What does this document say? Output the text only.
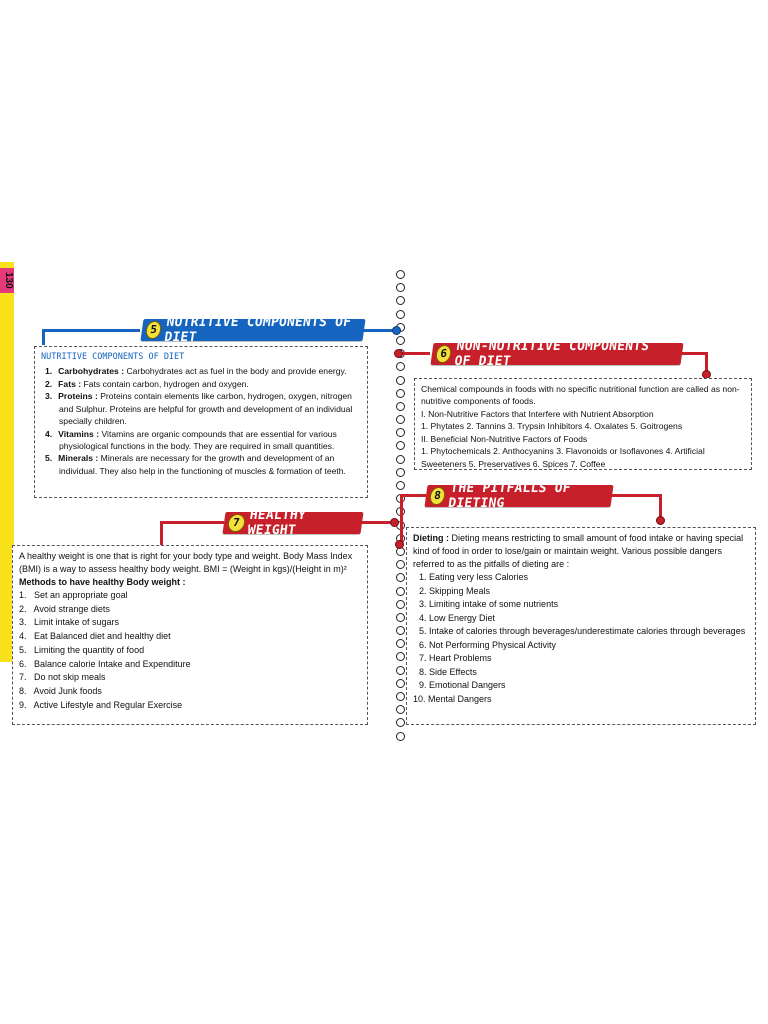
130
5 NUTRITIVE COMPONENTS OF DIET
NUTRITIVE COMPONENTS OF DIET
1. Carbohydrates : Carbohydrates act as fuel in the body and provide energy.
2. Fats : Fats contain carbon, hydrogen and oxygen.
3. Proteins : Proteins contain elements like carbon, hydrogen, oxygen, nitrogen and Sulphur. Proteins are helpful for growth and development of an individual specially children.
4. Vitamins : Vitamins are organic compounds that are essential for various physiological functions in the body. They are required in small quantities.
5. Minerals : Minerals are necessary for the growth and development of an individual. They also help in the functioning of muscles & formation of teeth.
6 NON-NUTRITIVE COMPONENTS OF DIET

Chemical compounds in foods with no specific nutritional function are called as non-nutritive components of foods.

I. Non-Nutritive Factors that Interfere with Nutrient Absorption

1. Phytates 2. Tannins 3. Trypsin Inhibitors 4. Oxalates 5. Goitrogens

II. Beneficial Non-Nutritive Factors of Foods

1. Phytochemicals 2. Anthocyanins 3. Flavonoids or Isoflavones 4. Artificial Sweeteners 5. Preservatives 6. Spices 7. Coffee

7 HEALTHY WEIGHT

A healthy weight is one that is right for your body type and weight. Body Mass Index (BMI) is a way to assess healthy body weight. BMI = (Weight in kgs)/(Height in m)²

Methods to have healthy Body weight :

1.   Set an appropriate goal
2.   Avoid strange diets
3.   Limit intake of sugars
4.   Eat Balanced diet and healthy diet
5.   Limiting the quantity of food
6.   Balance calorie Intake and Expenditure
7.   Do not skip meals
8.   Avoid Junk foods
9.   Active Lifestyle and Regular Exercise
8 THE PITFALLS OF DIETING

Dieting : Dieting means restricting to small amount of food intake or having special kind of food in order to lose/gain or maintain weight. Various possible dangers referred to as the pitfalls of dieting are :

1. Eating very less Calories
2. Skipping Meals
3. Limiting intake of some nutrients
4. Low Energy Diet
5. Intake of calories through beverages/underestimate calories through beverages
6. Not Performing Physical Activity
7. Heart Problems
8. Side Effects
9. Emotional Dangers
10. Mental Dangers
